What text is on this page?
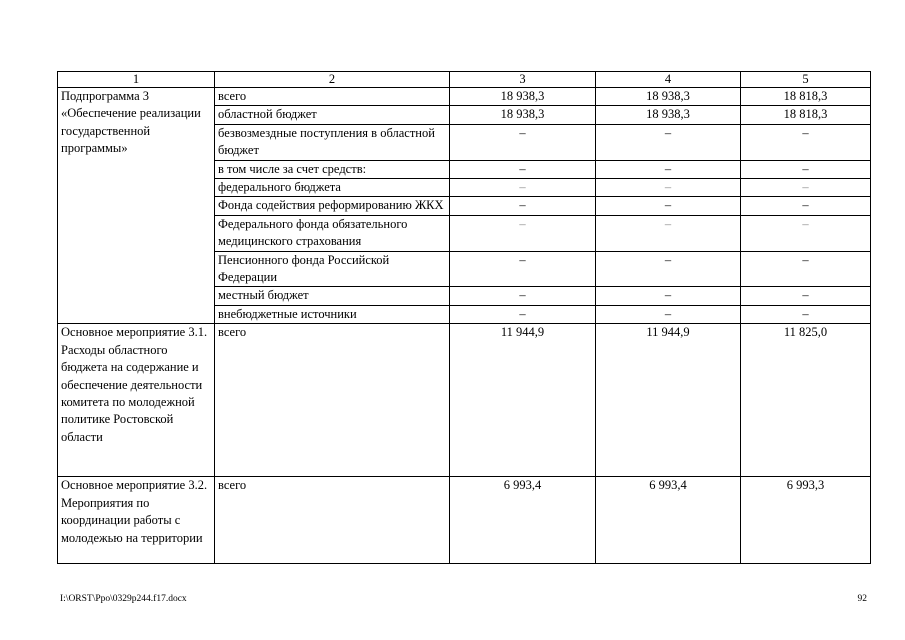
1	2	3	4	5
Подпрограмма 3 «Обеспечение реализации государственной программы»	всего	18 938,3	18 938,3	18 818,3
	областной бюджет	18 938,3	18 938,3	18 818,3
	безвозмездные поступления в областной бюджет	–	–	–
	в том числе за счет средств:	–	–	–
	федерального бюджета	–	–	–
	Фонда содействия реформированию ЖКХ	–	–	–
	Федерального фонда обязательного медицинского страхования	–	–	–
	Пенсионного фонда Российской Федерации	–	–	–
	местный бюджет	–	–	–
	внебюджетные источники	–	–	–
Основное мероприятие 3.1. Расходы областного бюджета на содержание и обеспечение деятельности комитета по молодежной политике Ростовской области	всего	11 944,9	11 944,9	11 825,0
Основное мероприятие 3.2. Мероприятия по координации работы с молодежью на территории	всего	6 993,4	6 993,4	6 993,3
I:\ORST\Ppo\0329p244.f17.docx	92
